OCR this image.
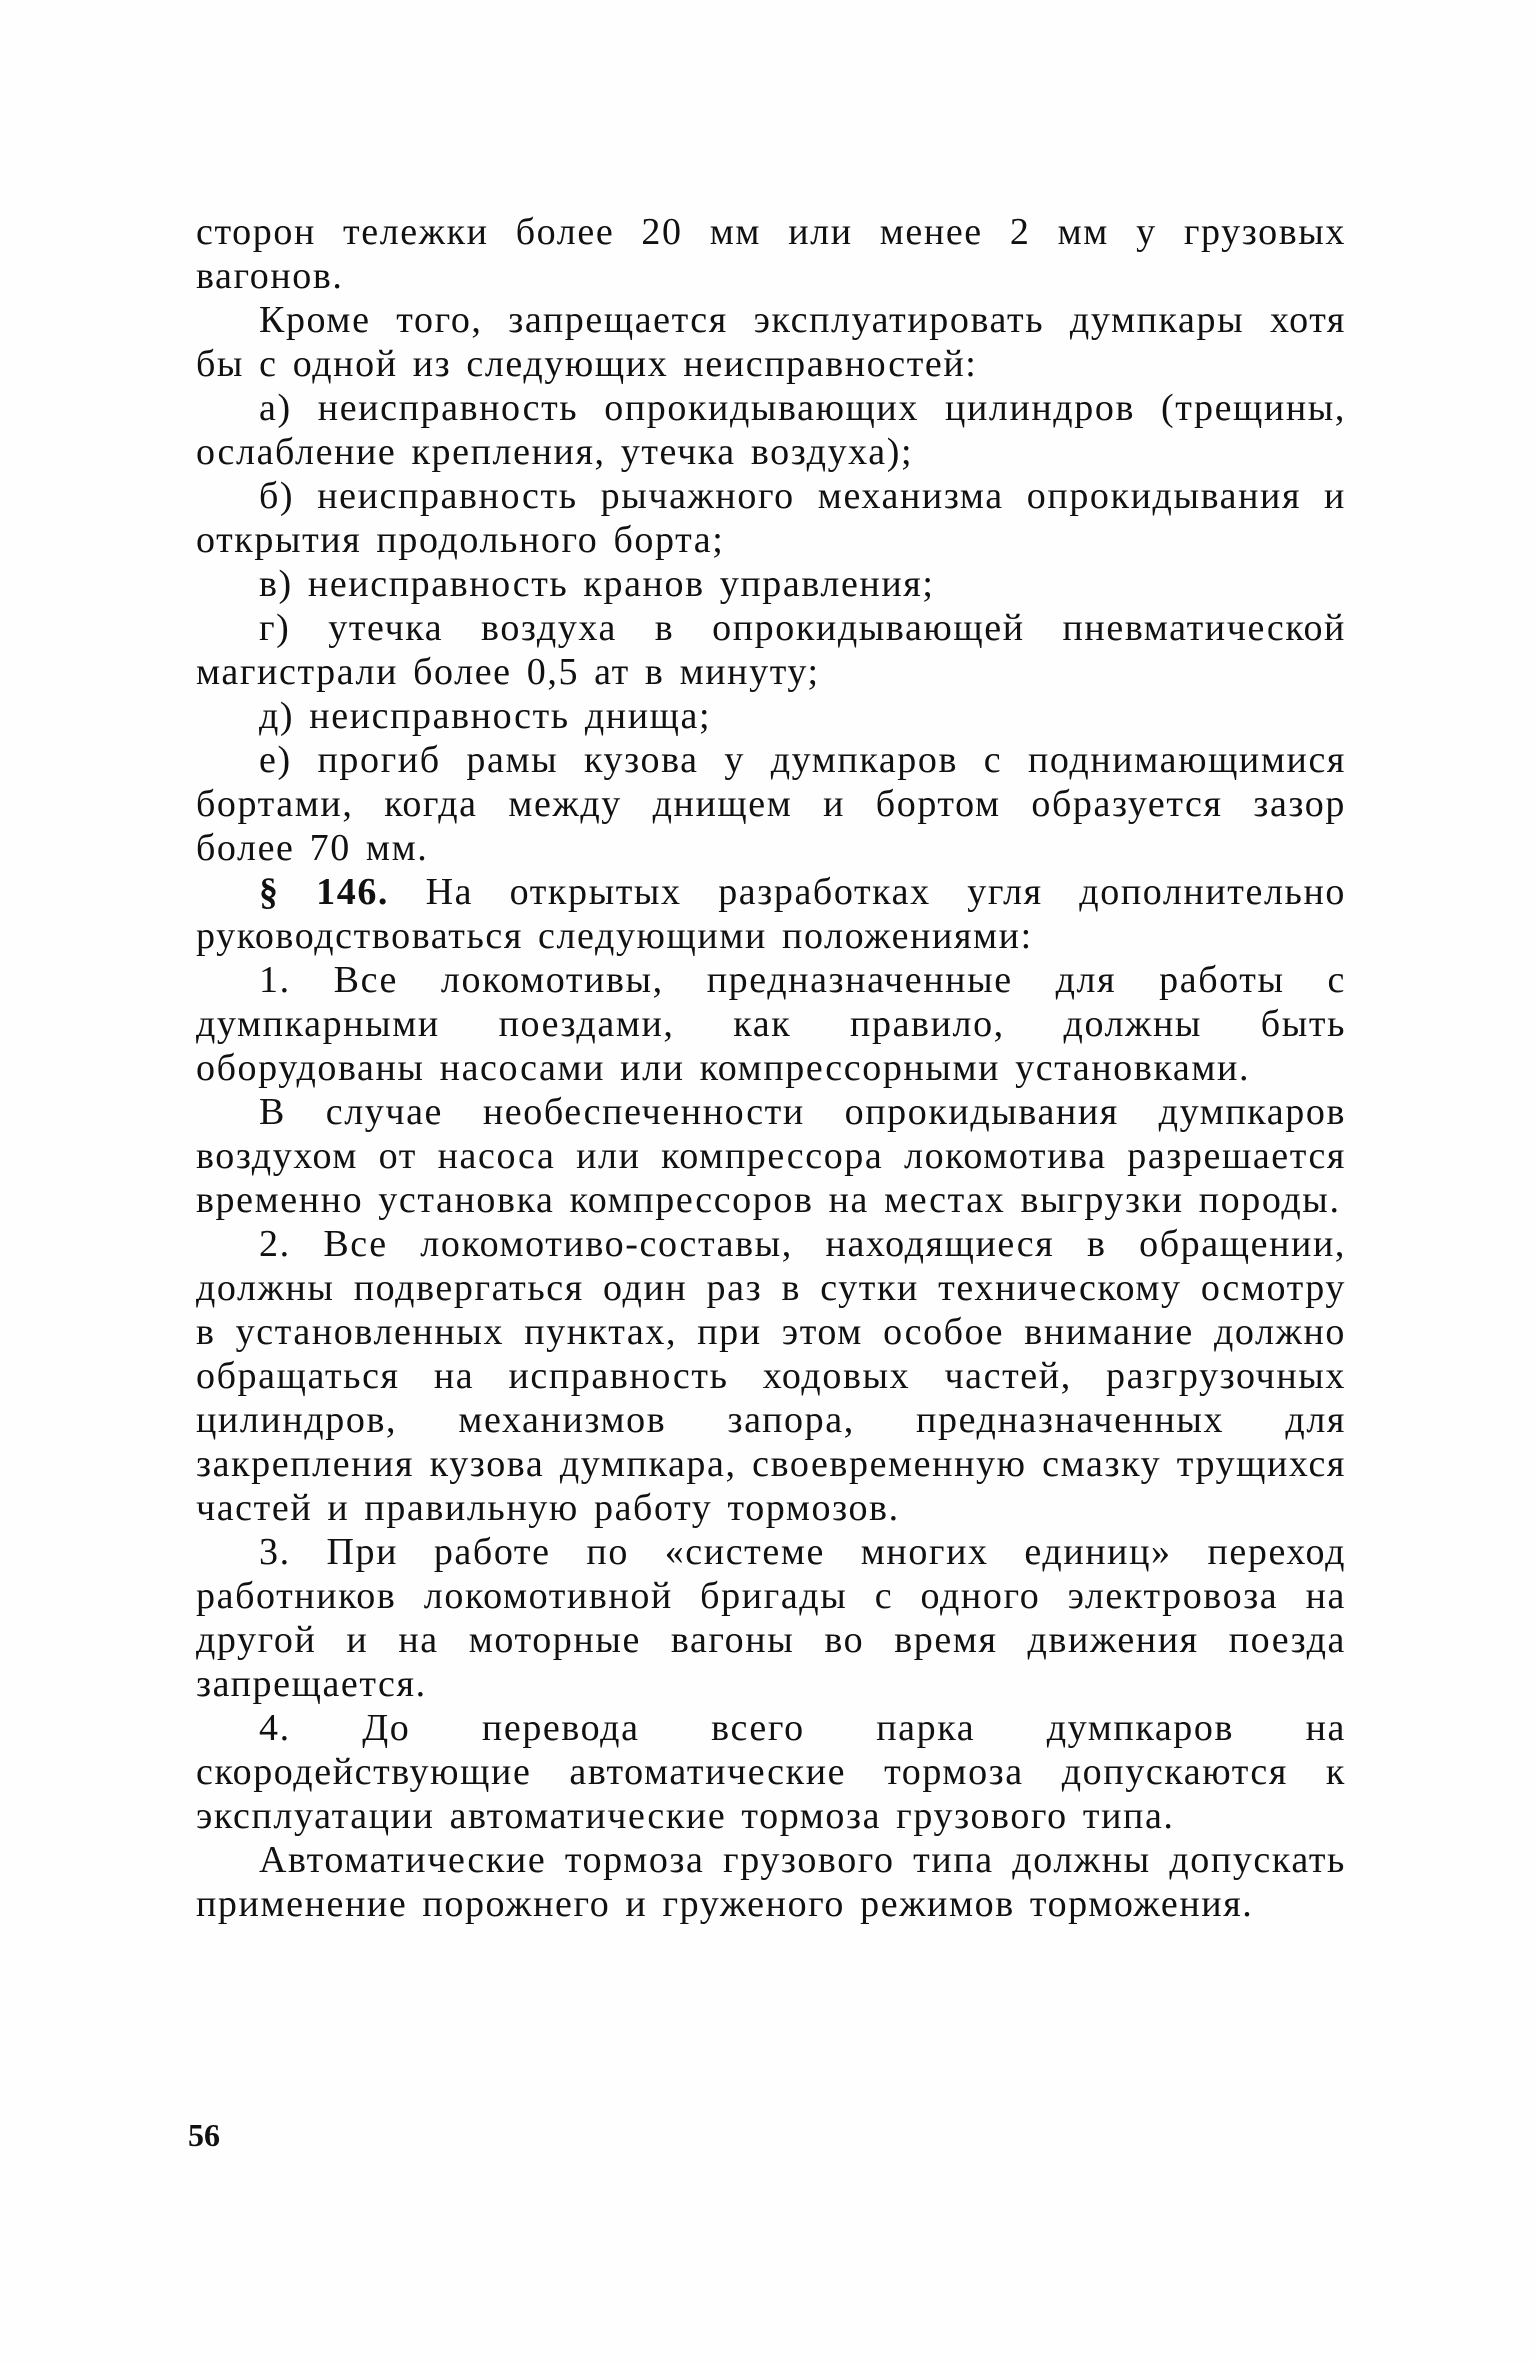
сторон тележки более 20 мм или менее 2 мм у грузовых вагонов.

Кроме того, запрещается эксплуатировать думпкары хотя бы с одной из следующих неисправностей:

а) неисправность опрокидывающих цилиндров (трещины, ослабление крепления, утечка воздуха);

б) неисправность рычажного механизма опрокидывания и открытия продольного борта;

в) неисправность кранов управления;

г) утечка воздуха в опрокидывающей пневматической магистрали более 0,5 ат в минуту;

д) неисправность днища;

е) прогиб рамы кузова у думпкаров с поднимающимися бортами, когда между днищем и бортом образуется зазор более 70 мм.

§ 146. На открытых разработках угля дополнительно руководствоваться следующими положениями:

1. Все локомотивы, предназначенные для работы с думпкарными поездами, как правило, должны быть оборудованы насосами или компрессорными установками.

В случае необеспеченности опрокидывания думпкаров воздухом от насоса или компрессора локомотива разрешается временно установка компрессоров на местах выгрузки породы.

2. Все локомотиво-составы, находящиеся в обращении, должны подвергаться один раз в сутки техническому осмотру в установленных пунктах, при этом особое внимание должно обращаться на исправность ходовых частей, разгрузочных цилиндров, механизмов запора, предназначенных для закрепления кузова думпкара, своевременную смазку трущихся частей и правильную работу тормозов.

3. При работе по «системе многих единиц» переход работников локомотивной бригады с одного электровоза на другой и на моторные вагоны во время движения поезда запрещается.

4. До перевода всего парка думпкаров на скородействующие автоматические тормоза допускаются к эксплуатации автоматические тормоза грузового типа.

Автоматические тормоза грузового типа должны допускать применение порожнего и груженого режимов торможения.

56
